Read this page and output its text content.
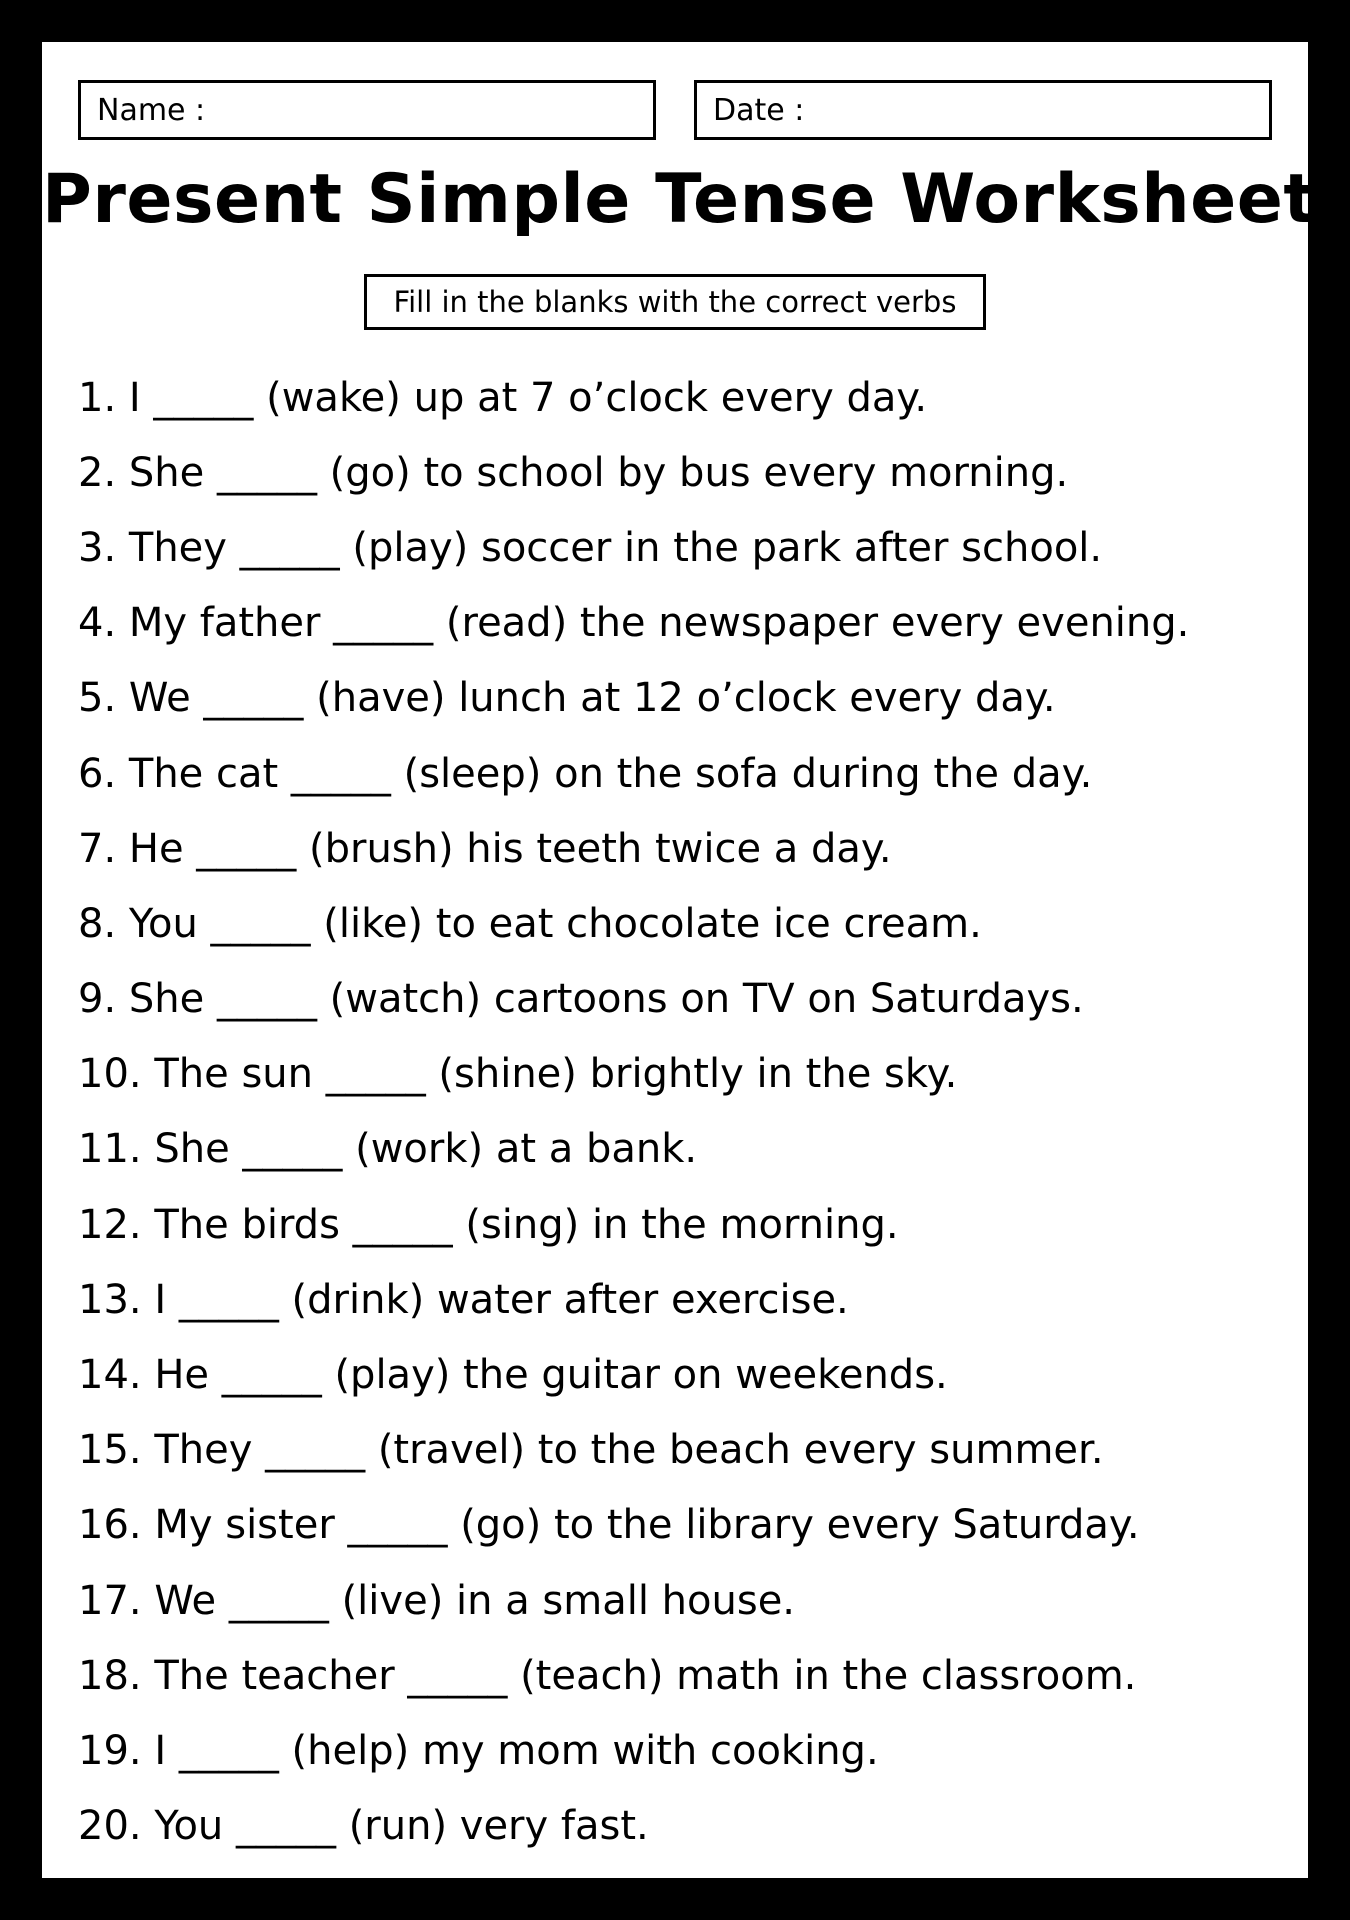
Name :	Date :
Present Simple Tense Worksheet
Fill in the blanks with the correct verbs
1. I _____ (wake) up at 7 o’clock every day.
2. She _____ (go) to school by bus every morning.
3. They _____ (play) soccer in the park after school.
4. My father _____ (read) the newspaper every evening.
5. We _____ (have) lunch at 12 o’clock every day.
6. The cat _____ (sleep) on the sofa during the day.
7. He _____ (brush) his teeth twice a day.
8. You _____ (like) to eat chocolate ice cream.
9. She _____ (watch) cartoons on TV on Saturdays.
10. The sun _____ (shine) brightly in the sky.
11. She _____ (work) at a bank.
12. The birds _____ (sing) in the morning.
13. I _____ (drink) water after exercise.
14. He _____ (play) the guitar on weekends.
15. They _____ (travel) to the beach every summer.
16. My sister _____ (go) to the library every Saturday.
17. We _____ (live) in a small house.
18. The teacher _____ (teach) math in the classroom.
19. I _____ (help) my mom with cooking.
20. You _____ (run) very fast.
